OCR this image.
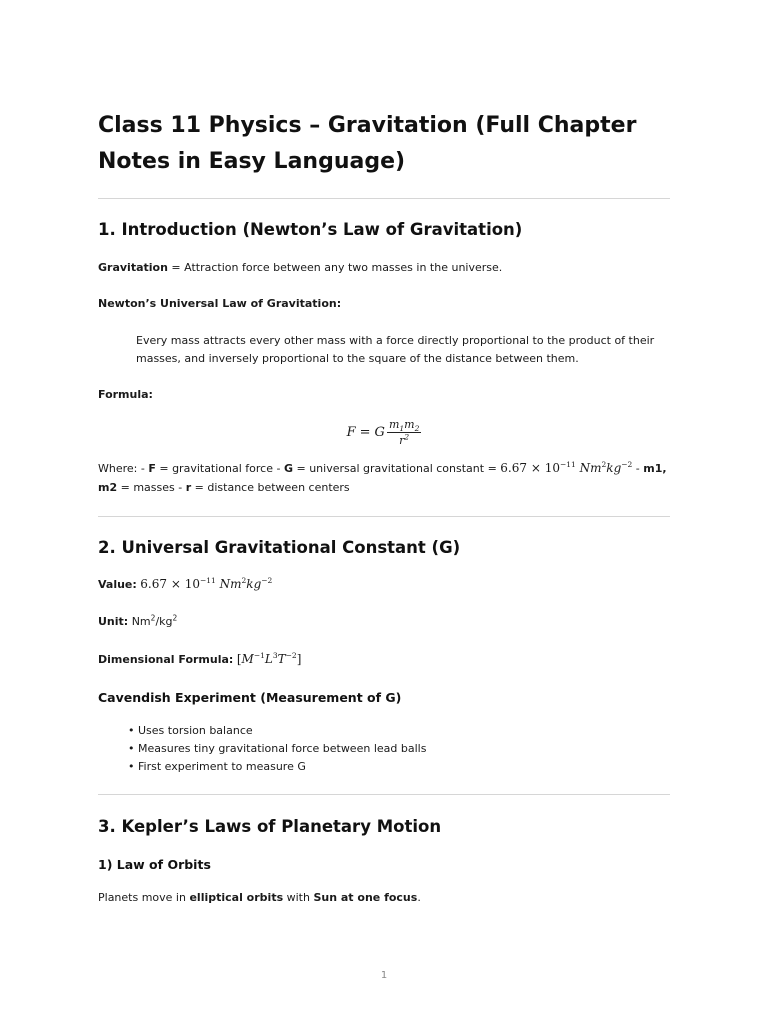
Class 11 Physics – Gravitation (Full Chapter Notes in Easy Language)
1. Introduction (Newton’s Law of Gravitation)

Gravitation = Attraction force between any two masses in the universe.

Newton’s Universal Law of Gravitation:

Every mass attracts every other mass with a force directly proportional to the product of their masses, and inversely proportional to the square of the distance between them.

Formula:

F = G $\frac{m_1m_2}{r^2}$

Where: - F = gravitational force - G = universal gravitational constant = $6.67 \times 10^{-11}$ $Nm^2kg^{-2} - m1$, m2 = masses - r = distance between centers

2. Universal Gravitational Constant (G)

Value: $6.67 \times 10^{-11}$ $Nm^2kg^{-2}$

Unit: $Nm^2/kg^2$

Dimensional Formula: $[M^{-1}L^3T^{-2}]$

Cavendish Experiment (Measurement of G)
• Uses torsion balance
• Measures tiny gravitational force between lead balls
• First experiment to measure G
3. Kepler’s Laws of Planetary Motion
1) Law of Orbits

Planets move in elliptical orbits with Sun at one focus.

1
